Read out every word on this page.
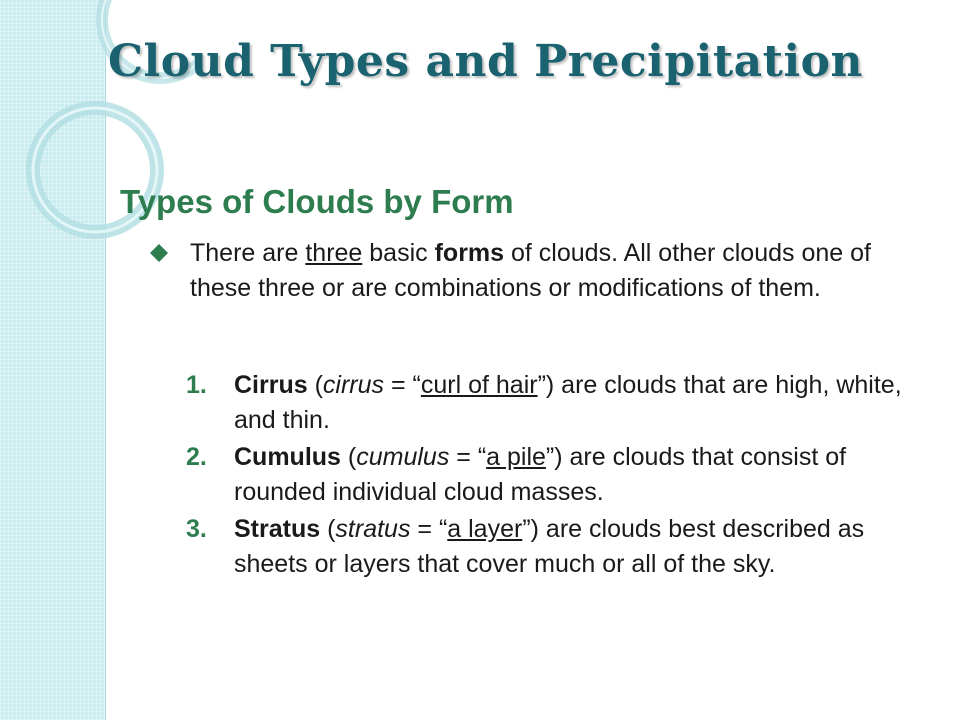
Cloud Types and Precipitation
Types of Clouds by Form
There are three basic forms of clouds. All other clouds one of these three or are combinations or modifications of them.
1. Cirrus (cirrus = “curl of hair”) are clouds that are high, white, and thin.
2. Cumulus (cumulus = “a pile”) are clouds that consist of rounded individual cloud masses.
3. Stratus (stratus = “a layer”) are clouds best described as sheets or layers that cover much or all of the sky.
